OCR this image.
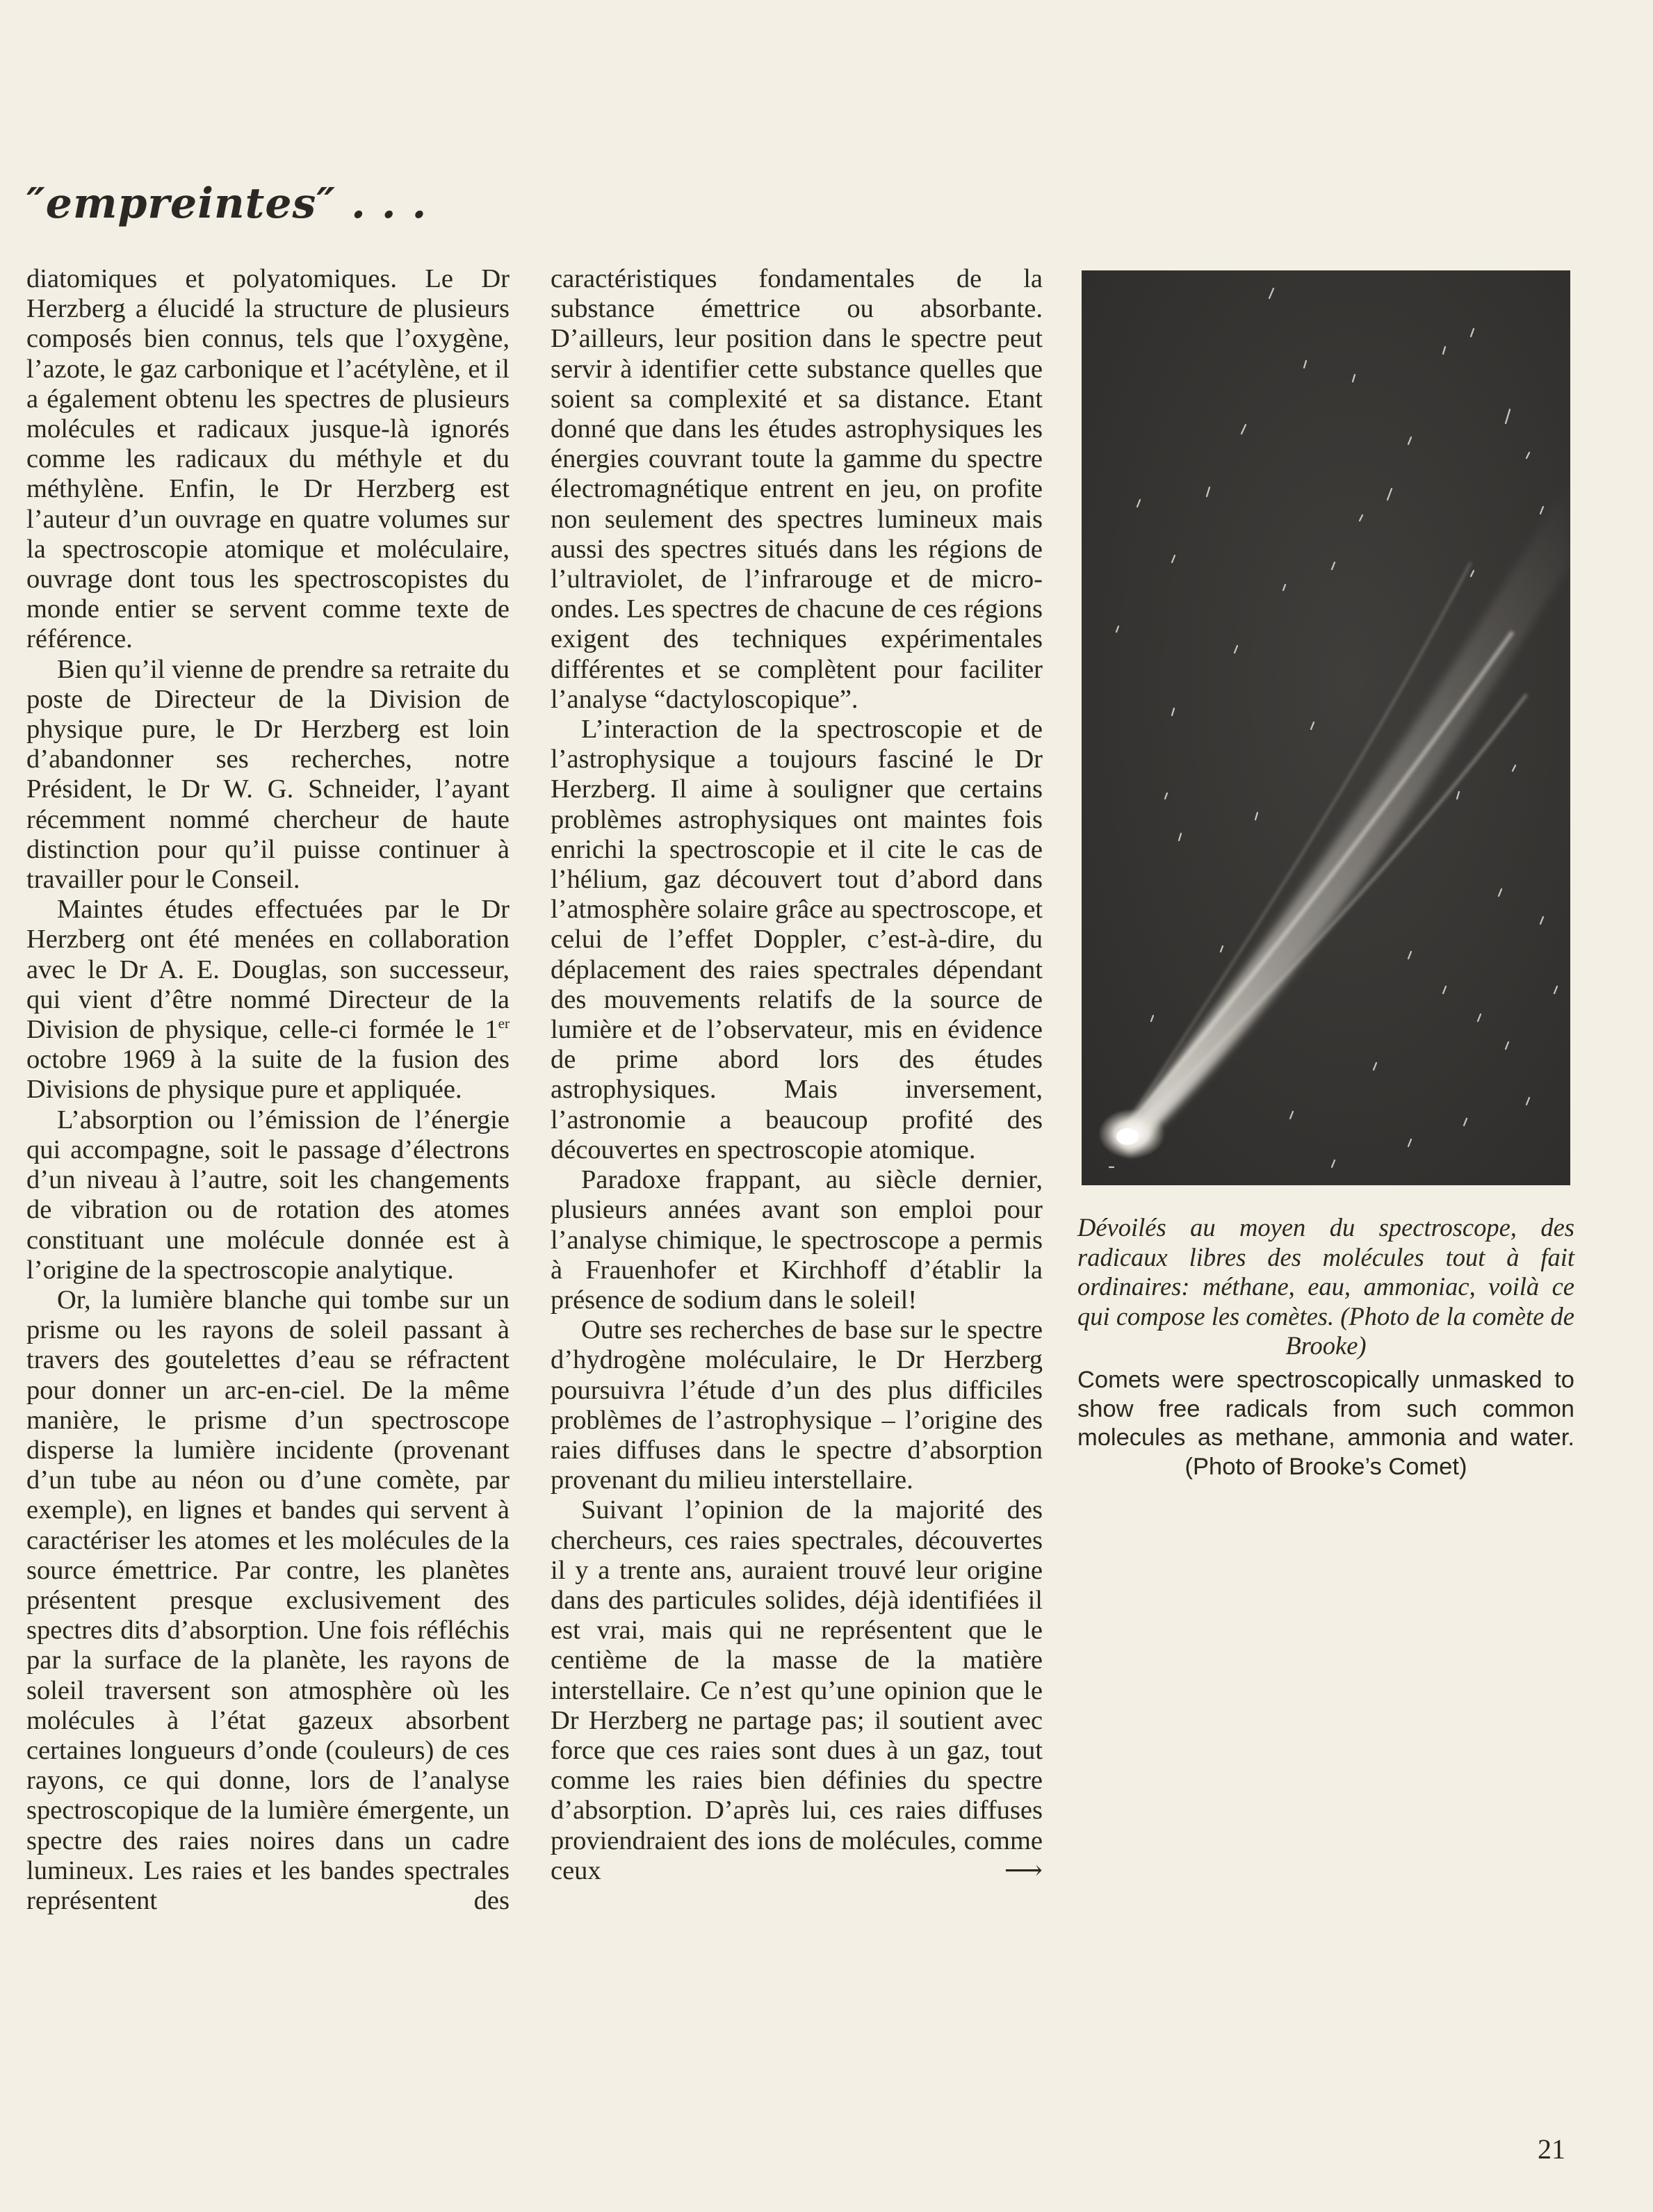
″empreintes″ . . .

diatomiques et polyatomiques. Le Dr Herzberg a élucidé la structure de plusieurs composés bien connus, tels que l’oxygène, l’azote, le gaz carbonique et l’acétylène, et il a également obtenu les spectres de plusieurs molécules et radicaux jusque-là ignorés comme les radicaux du méthyle et du méthylène. Enfin, le Dr Herzberg est l’auteur d’un ouvrage en quatre volumes sur la spectroscopie atomique et moléculaire, ouvrage dont tous les spectroscopistes du monde entier se servent comme texte de référence.

Bien qu’il vienne de prendre sa retraite du poste de Directeur de la Division de physique pure, le Dr Herzberg est loin d’abandonner ses recherches, notre Président, le Dr W. G. Schneider, l’ayant récemment nommé chercheur de haute distinction pour qu’il puisse continuer à travailler pour le Conseil.

Maintes études effectuées par le Dr Herzberg ont été menées en collaboration avec le Dr A. E. Douglas, son successeur, qui vient d’être nommé Directeur de la Division de physique, celle-ci formée le 1er octobre 1969 à la suite de la fusion des Divisions de physique pure et appliquée.

L’absorption ou l’émission de l’énergie qui accompagne, soit le passage d’électrons d’un niveau à l’autre, soit les changements de vibration ou de rotation des atomes constituant une molécule donnée est à l’origine de la spectroscopie analytique.

Or, la lumière blanche qui tombe sur un prisme ou les rayons de soleil passant à travers des goutelettes d’eau se réfractent pour donner un arc-en-ciel. De la même manière, le prisme d’un spectroscope disperse la lumière incidente (provenant d’un tube au néon ou d’une comète, par exemple), en lignes et bandes qui servent à caractériser les atomes et les molécules de la source émettrice. Par contre, les planètes présentent presque exclusivement des spectres dits d’absorption. Une fois réfléchis par la surface de la planète, les rayons de soleil traversent son atmosphère où les molécules à l’état gazeux absorbent certaines longueurs d’onde (couleurs) de ces rayons, ce qui donne, lors de l’analyse spectroscopique de la lumière émergente, un spectre des raies noires dans un cadre lumineux. Les raies et les bandes spectrales représentent des

caractéristiques fondamentales de la substance émettrice ou absorbante. D’ailleurs, leur position dans le spectre peut servir à identifier cette substance quelles que soient sa complexité et sa distance. Etant donné que dans les études astrophysiques les énergies couvrant toute la gamme du spectre électromagnétique entrent en jeu, on profite non seulement des spectres lumineux mais aussi des spectres situés dans les régions de l’ultraviolet, de l’infrarouge et de micro-ondes. Les spectres de chacune de ces régions exigent des techniques expérimentales différentes et se complètent pour faciliter l’analyse “dactyloscopique”.

L’interaction de la spectroscopie et de l’astrophysique a toujours fasciné le Dr Herzberg. Il aime à souligner que certains problèmes astrophysiques ont maintes fois enrichi la spectroscopie et il cite le cas de l’hélium, gaz découvert tout d’abord dans l’atmosphère solaire grâce au spectroscope, et celui de l’effet Doppler, c’est-à-dire, du déplacement des raies spectrales dépendant des mouvements relatifs de la source de lumière et de l’observateur, mis en évidence de prime abord lors des études astrophysiques. Mais inversement, l’astronomie a beaucoup profité des découvertes en spectroscopie atomique.

Paradoxe frappant, au siècle dernier, plusieurs années avant son emploi pour l’analyse chimique, le spectroscope a permis à Frauenhofer et Kirchhoff d’établir la présence de sodium dans le soleil!

Outre ses recherches de base sur le spectre d’hydrogène moléculaire, le Dr Herzberg poursuivra l’étude d’un des plus difficiles problèmes de l’astrophysique – l’origine des raies diffuses dans le spectre d’absorption provenant du milieu interstellaire.

Suivant l’opinion de la majorité des chercheurs, ces raies spectrales, découvertes il y a trente ans, auraient trouvé leur origine dans des particules solides, déjà identifiées il est vrai, mais qui ne représentent que le centième de la masse de la matière interstellaire. Ce n’est qu’une opinion que le Dr Herzberg ne partage pas; il soutient avec force que ces raies sont dues à un gaz, tout comme les raies bien définies du spectre d’absorption. D’après lui, ces raies diffuses proviendraient des ions de molécules, comme ceux ⟶

Dévoilés au moyen du spectroscope, des radicaux libres des molécules tout à fait ordinaires: méthane, eau, ammoniac, voilà ce qui compose les comètes. (Photo de la comète de Brooke)

Comets were spectroscopically unmasked to show free radicals from such common molecules as methane, ammonia and water. (Photo of Brooke’s Comet)

21
